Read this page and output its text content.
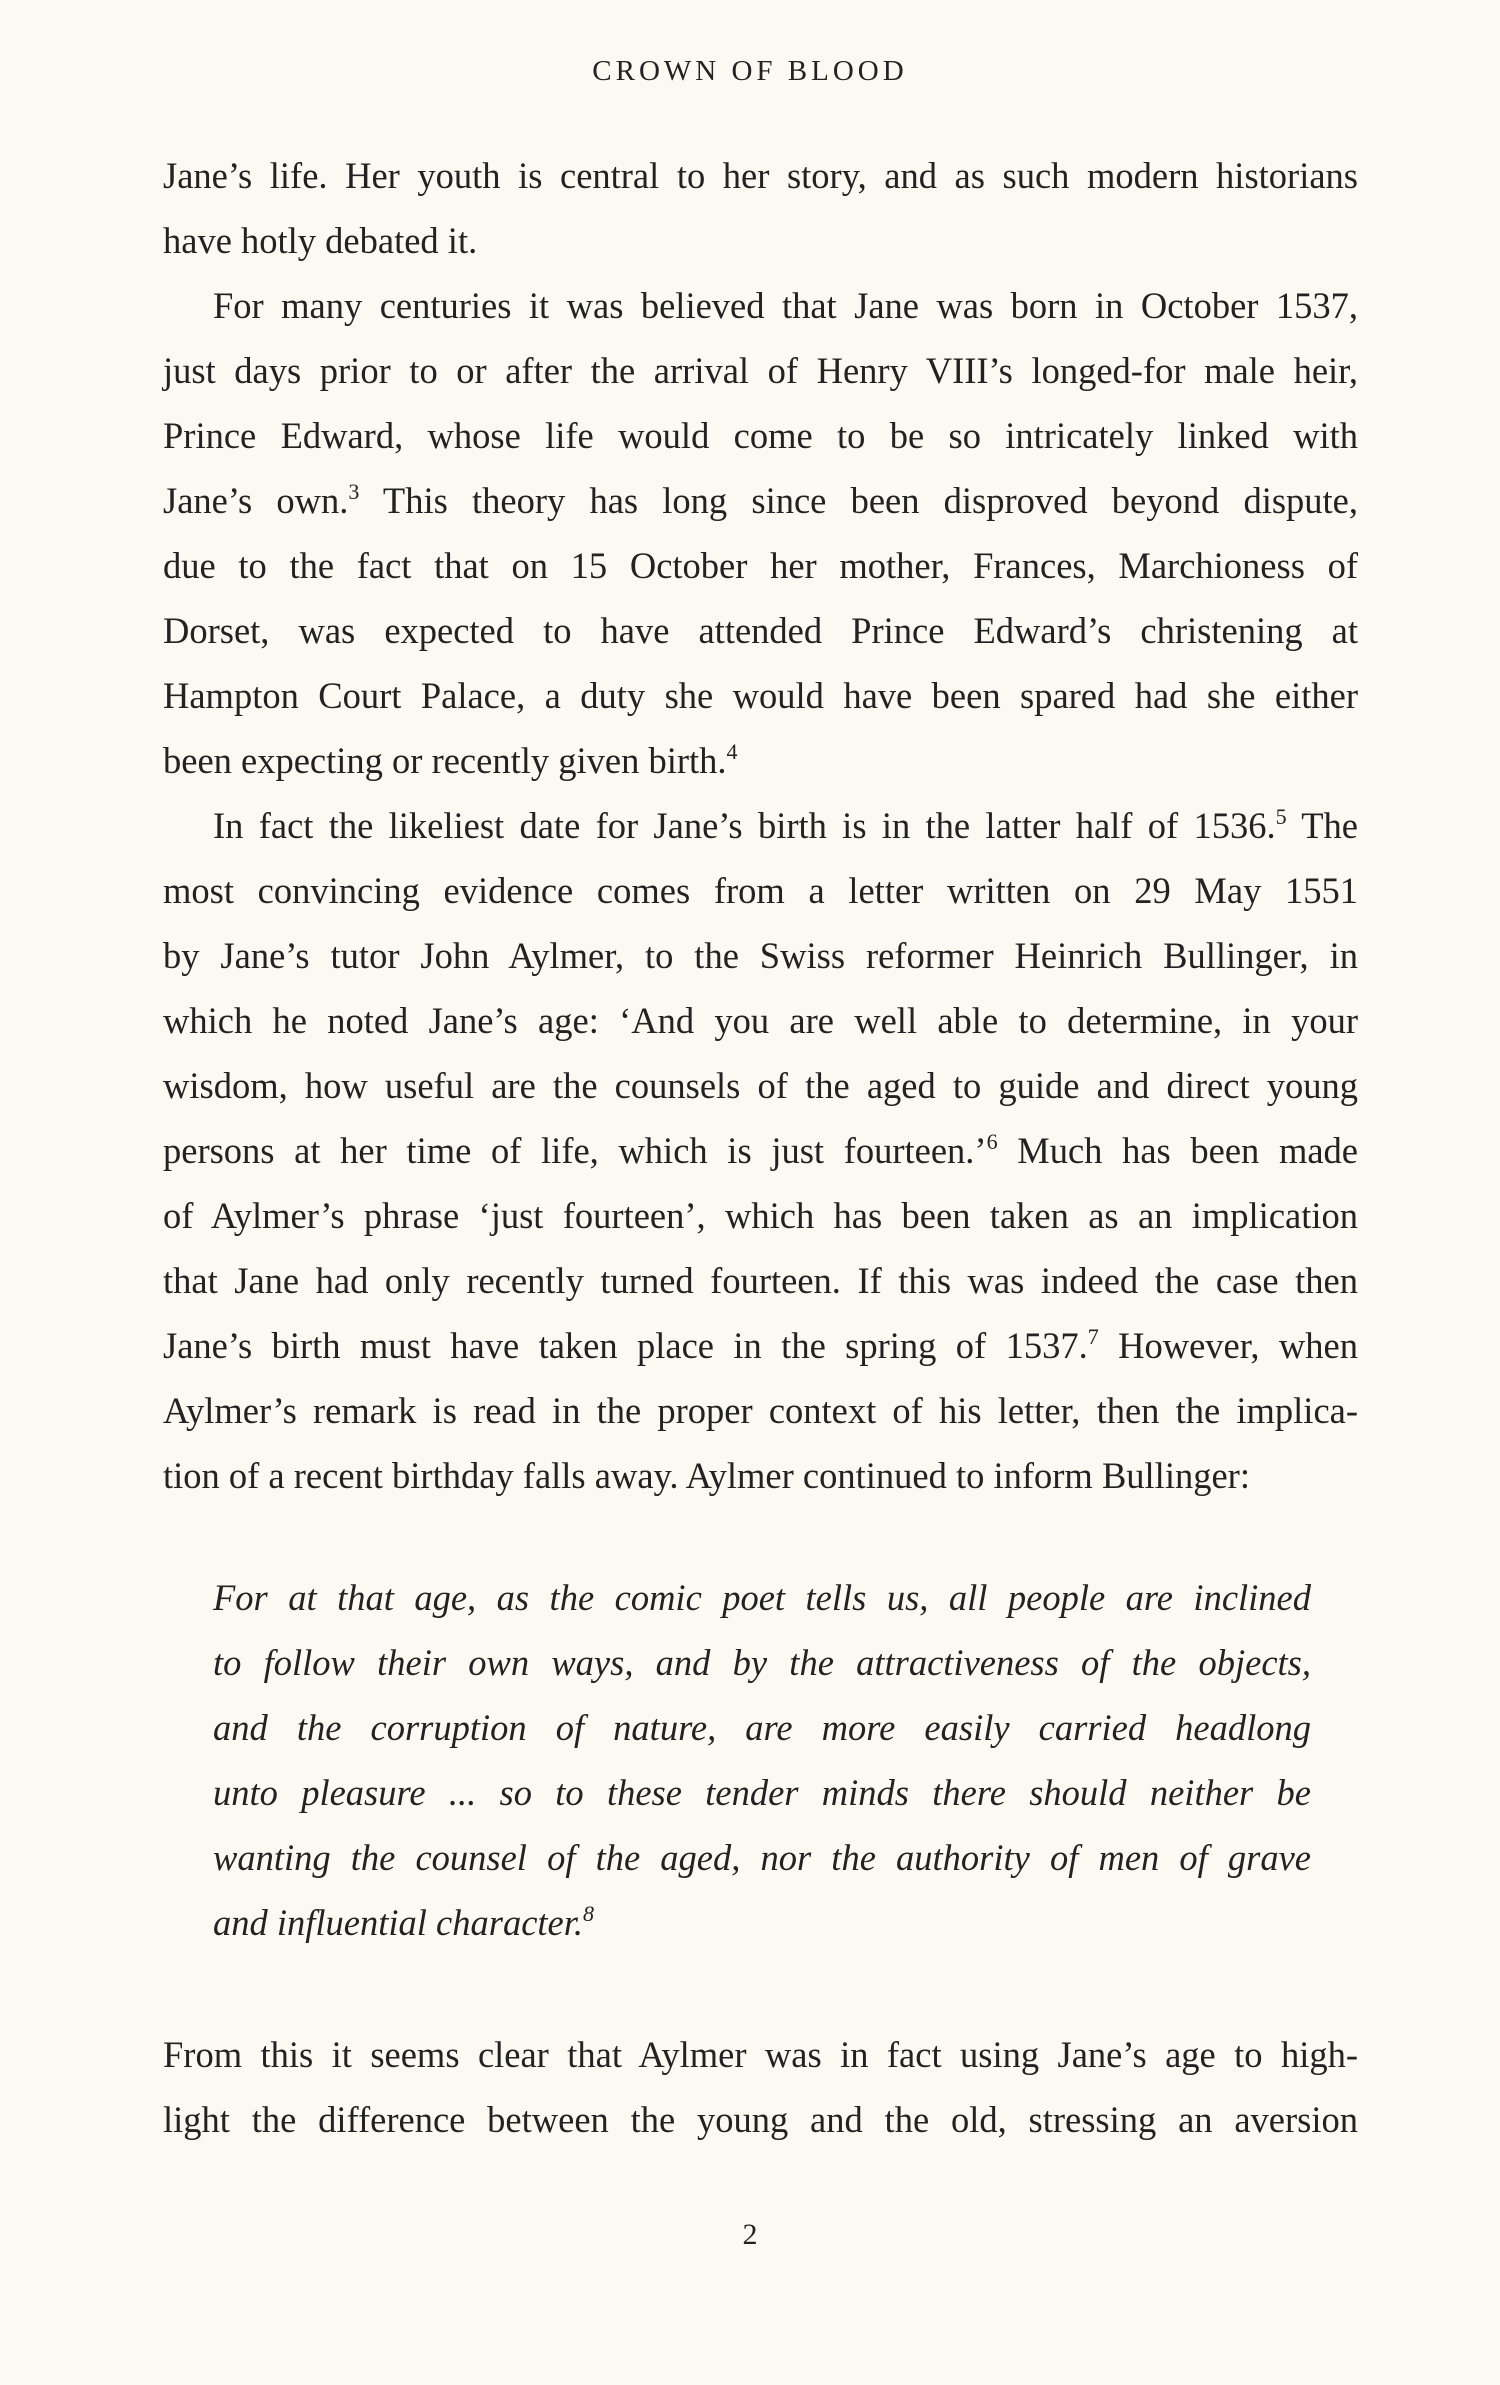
CROWN OF BLOOD

Jane’s life. Her youth is central to her story, and as such modern historians

have hotly debated it.

For many centuries it was believed that Jane was born in October 1537,

just days prior to or after the arrival of Henry VIII’s longed-for male heir,

Prince Edward, whose life would come to be so intricately linked with

Jane’s own.$^3$ This theory has long since been disproved beyond dispute,

due to the fact that on 15 October her mother, Frances, Marchioness of

Dorset, was expected to have attended Prince Edward’s christening at

Hampton Court Palace, a duty she would have been spared had she either

been expecting or recently given birth.$^4$

In fact the likeliest date for Jane’s birth is in the latter half of 1536.$^5$ The

most convincing evidence comes from a letter written on 29 May 1551

by Jane’s tutor John Aylmer, to the Swiss reformer Heinrich Bullinger, in

which he noted Jane’s age: ‘And you are well able to determine, in your

wisdom, how useful are the counsels of the aged to guide and direct young

persons at her time of life, which is just fourteen.’$^6$ Much has been made

of Aylmer’s phrase ‘just fourteen’, which has been taken as an implication

that Jane had only recently turned fourteen. If this was indeed the case then

Jane’s birth must have taken place in the spring of 1537.$^7$ However, when

Aylmer’s remark is read in the proper context of his letter, then the implica-

tion of a recent birthday falls away. Aylmer continued to inform Bullinger:

For at that age, as the comic poet tells us, all people are inclined

to follow their own ways, and by the attractiveness of the objects,

and the corruption of nature, are more easily carried headlong

unto pleasure ... so to these tender minds there should neither be

wanting the counsel of the aged, nor the authority of men of grave

and influential character.$^8$

From this it seems clear that Aylmer was in fact using Jane’s age to high-

light the difference between the young and the old, stressing an aversion

2
